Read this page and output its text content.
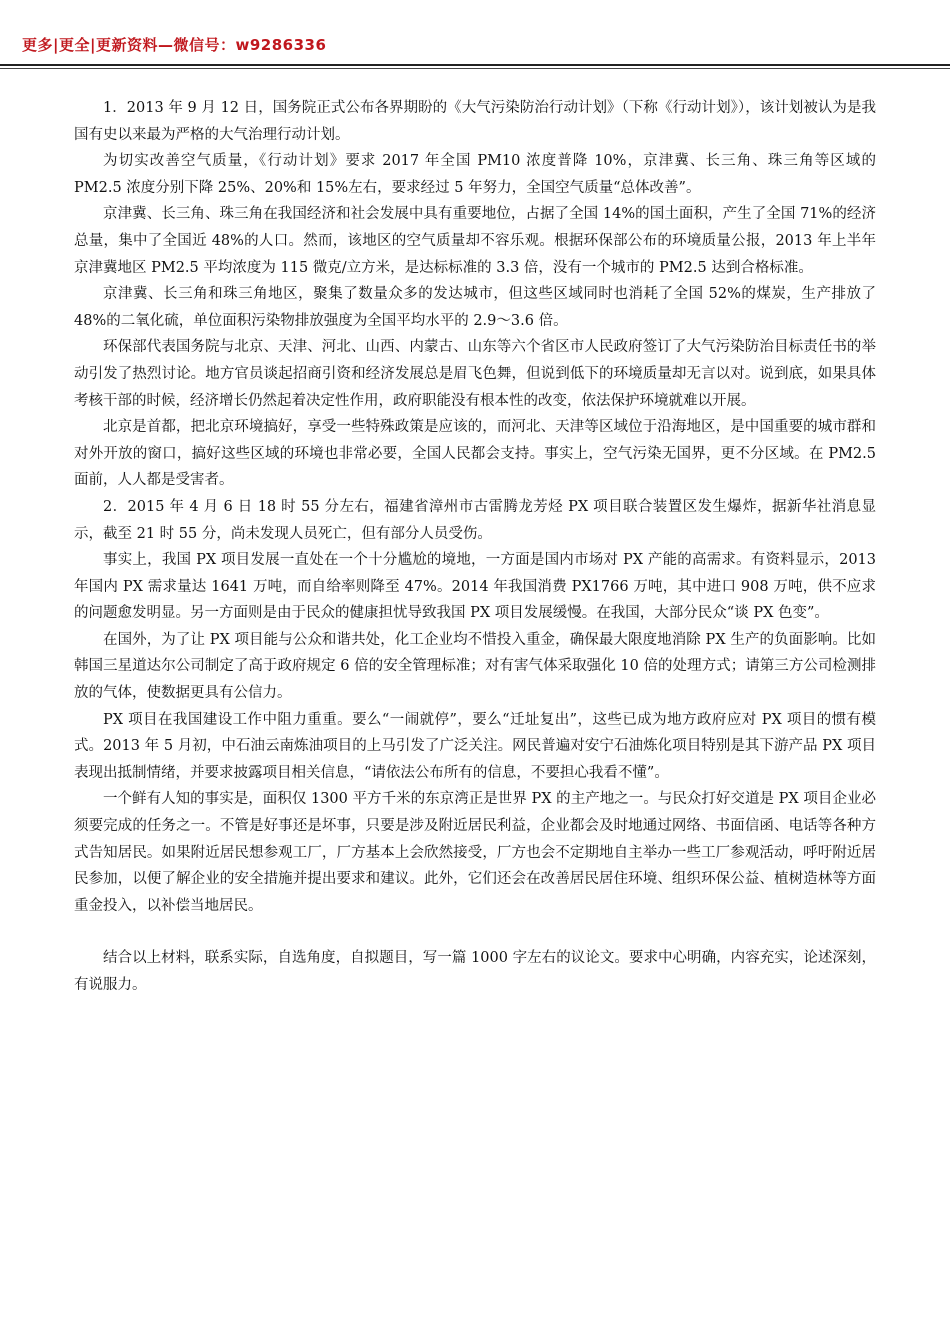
更多|更全|更新资料—微信号：w9286336

1．2013 年 9 月 12 日，国务院正式公布各界期盼的《大气污染防治行动计划》（下称《行动计划》），该计划被认为是我国有史以来最为严格的大气治理行动计划。

为切实改善空气质量，《行动计划》要求 2017 年全国 PM10 浓度普降 10%，京津冀、长三角、珠三角等区域的 PM2.5 浓度分别下降 25%、20%和 15%左右，要求经过 5 年努力，全国空气质量“总体改善”。

京津冀、长三角、珠三角在我国经济和社会发展中具有重要地位，占据了全国 14%的国土面积，产生了全国 71%的经济总量，集中了全国近 48%的人口。然而，该地区的空气质量却不容乐观。根据环保部公布的环境质量公报，2013 年上半年京津冀地区 PM2.5 平均浓度为 115 微克/立方米，是达标标准的 3.3 倍，没有一个城市的 PM2.5 达到合格标准。

京津冀、长三角和珠三角地区，聚集了数量众多的发达城市，但这些区域同时也消耗了全国 52%的煤炭，生产排放了 48%的二氧化硫，单位面积污染物排放强度为全国平均水平的 2.9～3.6 倍。

环保部代表国务院与北京、天津、河北、山西、内蒙古、山东等六个省区市人民政府签订了大气污染防治目标责任书的举动引发了热烈讨论。地方官员谈起招商引资和经济发展总是眉飞色舞，但说到低下的环境质量却无言以对。说到底，如果具体考核干部的时候，经济增长仍然起着决定性作用，政府职能没有根本性的改变，依法保护环境就难以开展。

北京是首都，把北京环境搞好，享受一些特殊政策是应该的，而河北、天津等区域位于沿海地区，是中国重要的城市群和对外开放的窗口，搞好这些区域的环境也非常必要，全国人民都会支持。事实上，空气污染无国界，更不分区域。在 PM2.5 面前，人人都是受害者。

2．2015 年 4 月 6 日 18 时 55 分左右，福建省漳州市古雷腾龙芳烃 PX 项目联合装置区发生爆炸，据新华社消息显示，截至 21 时 55 分，尚未发现人员死亡，但有部分人员受伤。

事实上，我国 PX 项目发展一直处在一个十分尴尬的境地，一方面是国内市场对 PX 产能的高需求。有资料显示，2013 年国内 PX 需求量达 1641 万吨，而自给率则降至 47%。2014 年我国消费 PX1766 万吨，其中进口 908 万吨，供不应求的问题愈发明显。另一方面则是由于民众的健康担忧导致我国 PX 项目发展缓慢。在我国，大部分民众“谈 PX 色变”。

在国外，为了让 PX 项目能与公众和谐共处，化工企业均不惜投入重金，确保最大限度地消除 PX 生产的负面影响。比如韩国三星道达尔公司制定了高于政府规定 6 倍的安全管理标准；对有害气体采取强化 10 倍的处理方式；请第三方公司检测排放的气体，使数据更具有公信力。

PX 项目在我国建设工作中阻力重重。要么“一闹就停”，要么“迁址复出”，这些已成为地方政府应对 PX 项目的惯有模式。2013 年 5 月初，中石油云南炼油项目的上马引发了广泛关注。网民普遍对安宁石油炼化项目特别是其下游产品 PX 项目表现出抵制情绪，并要求披露项目相关信息，“请依法公布所有的信息，不要担心我看不懂”。

一个鲜有人知的事实是，面积仅 1300 平方千米的东京湾正是世界 PX 的主产地之一。与民众打好交道是 PX 项目企业必须要完成的任务之一。不管是好事还是坏事，只要是涉及附近居民利益，企业都会及时地通过网络、书面信函、电话等各种方式告知居民。如果附近居民想参观工厂，厂方基本上会欣然接受，厂方也会不定期地自主举办一些工厂参观活动，呼吁附近居民参加，以便了解企业的安全措施并提出要求和建议。此外，它们还会在改善居民居住环境、组织环保公益、植树造林等方面重金投入，以补偿当地居民。

结合以上材料，联系实际，自选角度，自拟题目，写一篇 1000 字左右的议论文。要求中心明确，内容充实，论述深刻，有说服力。
